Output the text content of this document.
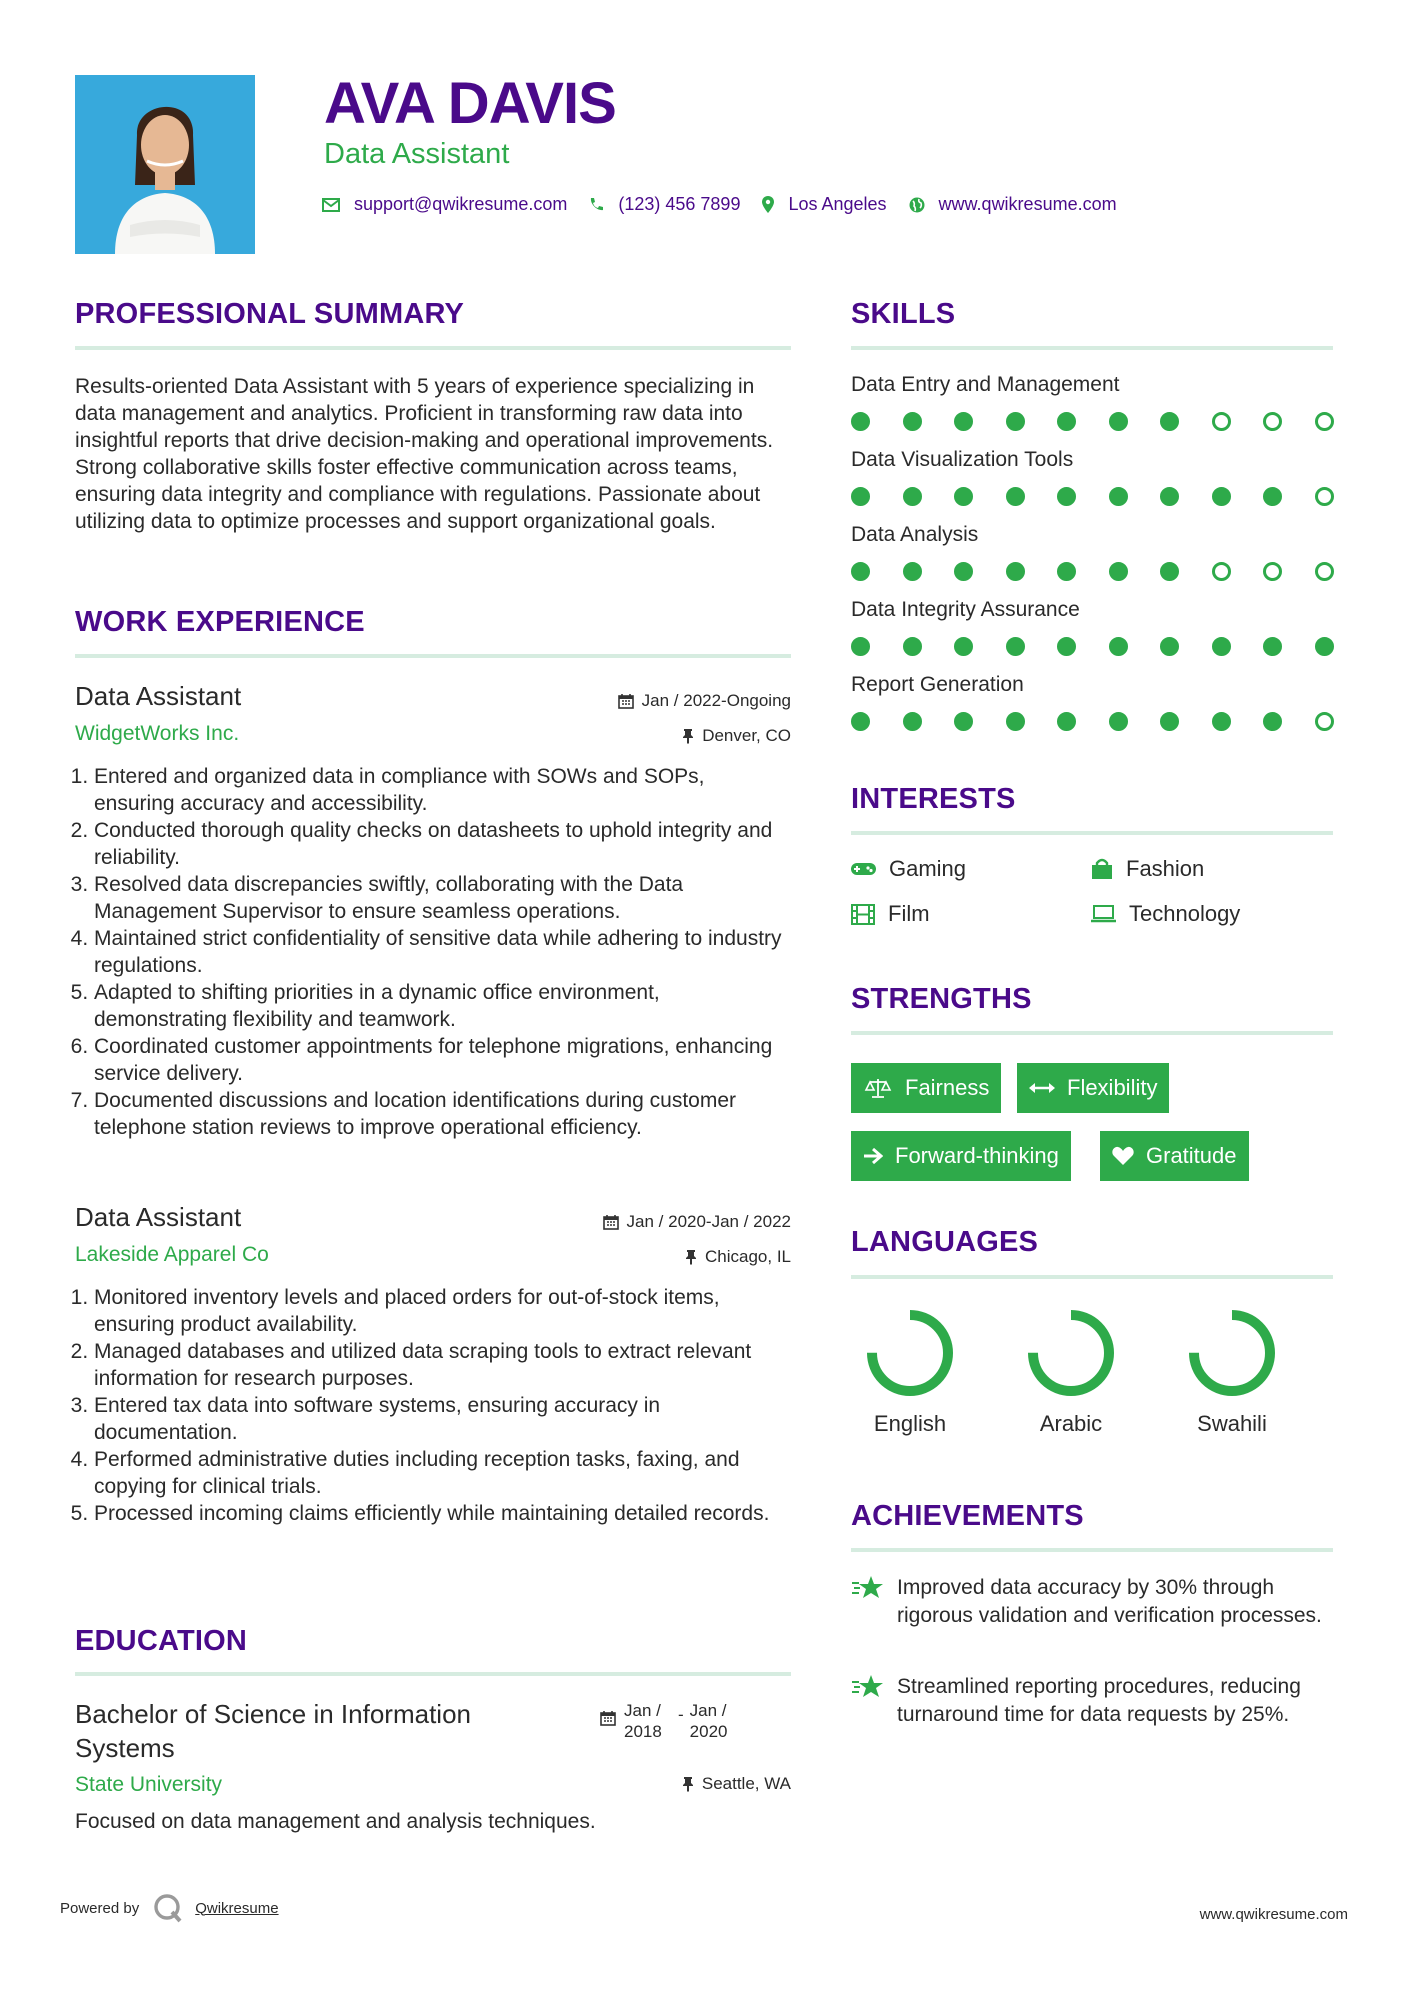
AVA DAVIS
Data Assistant
support@qwikresume.com	(123) 456 7899	Los Angeles	www.qwikresume.com
PROFESSIONAL SUMMARY
Results-oriented Data Assistant with 5 years of experience specializing in data management and analytics. Proficient in transforming raw data into insightful reports that drive decision-making and operational improvements. Strong collaborative skills foster effective communication across teams, ensuring data integrity and compliance with regulations. Passionate about utilizing data to optimize processes and support organizational goals.
WORK EXPERIENCE
Data Assistant
WidgetWorks Inc.
Jan / 2022-Ongoing
Denver, CO
1. Entered and organized data in compliance with SOWs and SOPs, ensuring accuracy and accessibility.
2. Conducted thorough quality checks on datasheets to uphold integrity and reliability.
3. Resolved data discrepancies swiftly, collaborating with the Data Management Supervisor to ensure seamless operations.
4. Maintained strict confidentiality of sensitive data while adhering to industry regulations.
5. Adapted to shifting priorities in a dynamic office environment, demonstrating flexibility and teamwork.
6. Coordinated customer appointments for telephone migrations, enhancing service delivery.
7. Documented discussions and location identifications during customer telephone station reviews to improve operational efficiency.
Data Assistant
Lakeside Apparel Co
Jan / 2020-Jan / 2022
Chicago, IL
1. Monitored inventory levels and placed orders for out-of-stock items, ensuring product availability.
2. Managed databases and utilized data scraping tools to extract relevant information for research purposes.
3. Entered tax data into software systems, ensuring accuracy in documentation.
4. Performed administrative duties including reception tasks, faxing, and copying for clinical trials.
5. Processed incoming claims efficiently while maintaining detailed records.
EDUCATION
Bachelor of Science in Information Systems
State University
Jan / 2018
- Jan / 2020
Seattle, WA
Focused on data management and analysis techniques.
SKILLS
Data Entry and Management
Data Visualization Tools
Data Analysis
Data Integrity Assurance
Report Generation
INTERESTS
Gaming	Fashion
Film	Technology
STRENGTHS
Fairness	Flexibility
Forward-thinking	Gratitude
LANGUAGES
English	Arabic	Swahili
ACHIEVEMENTS
Improved data accuracy by 30% through rigorous validation and verification processes.
Streamlined reporting procedures, reducing turnaround time for data requests by 25%.
Powered by	Qwikresume	www.qwikresume.com
